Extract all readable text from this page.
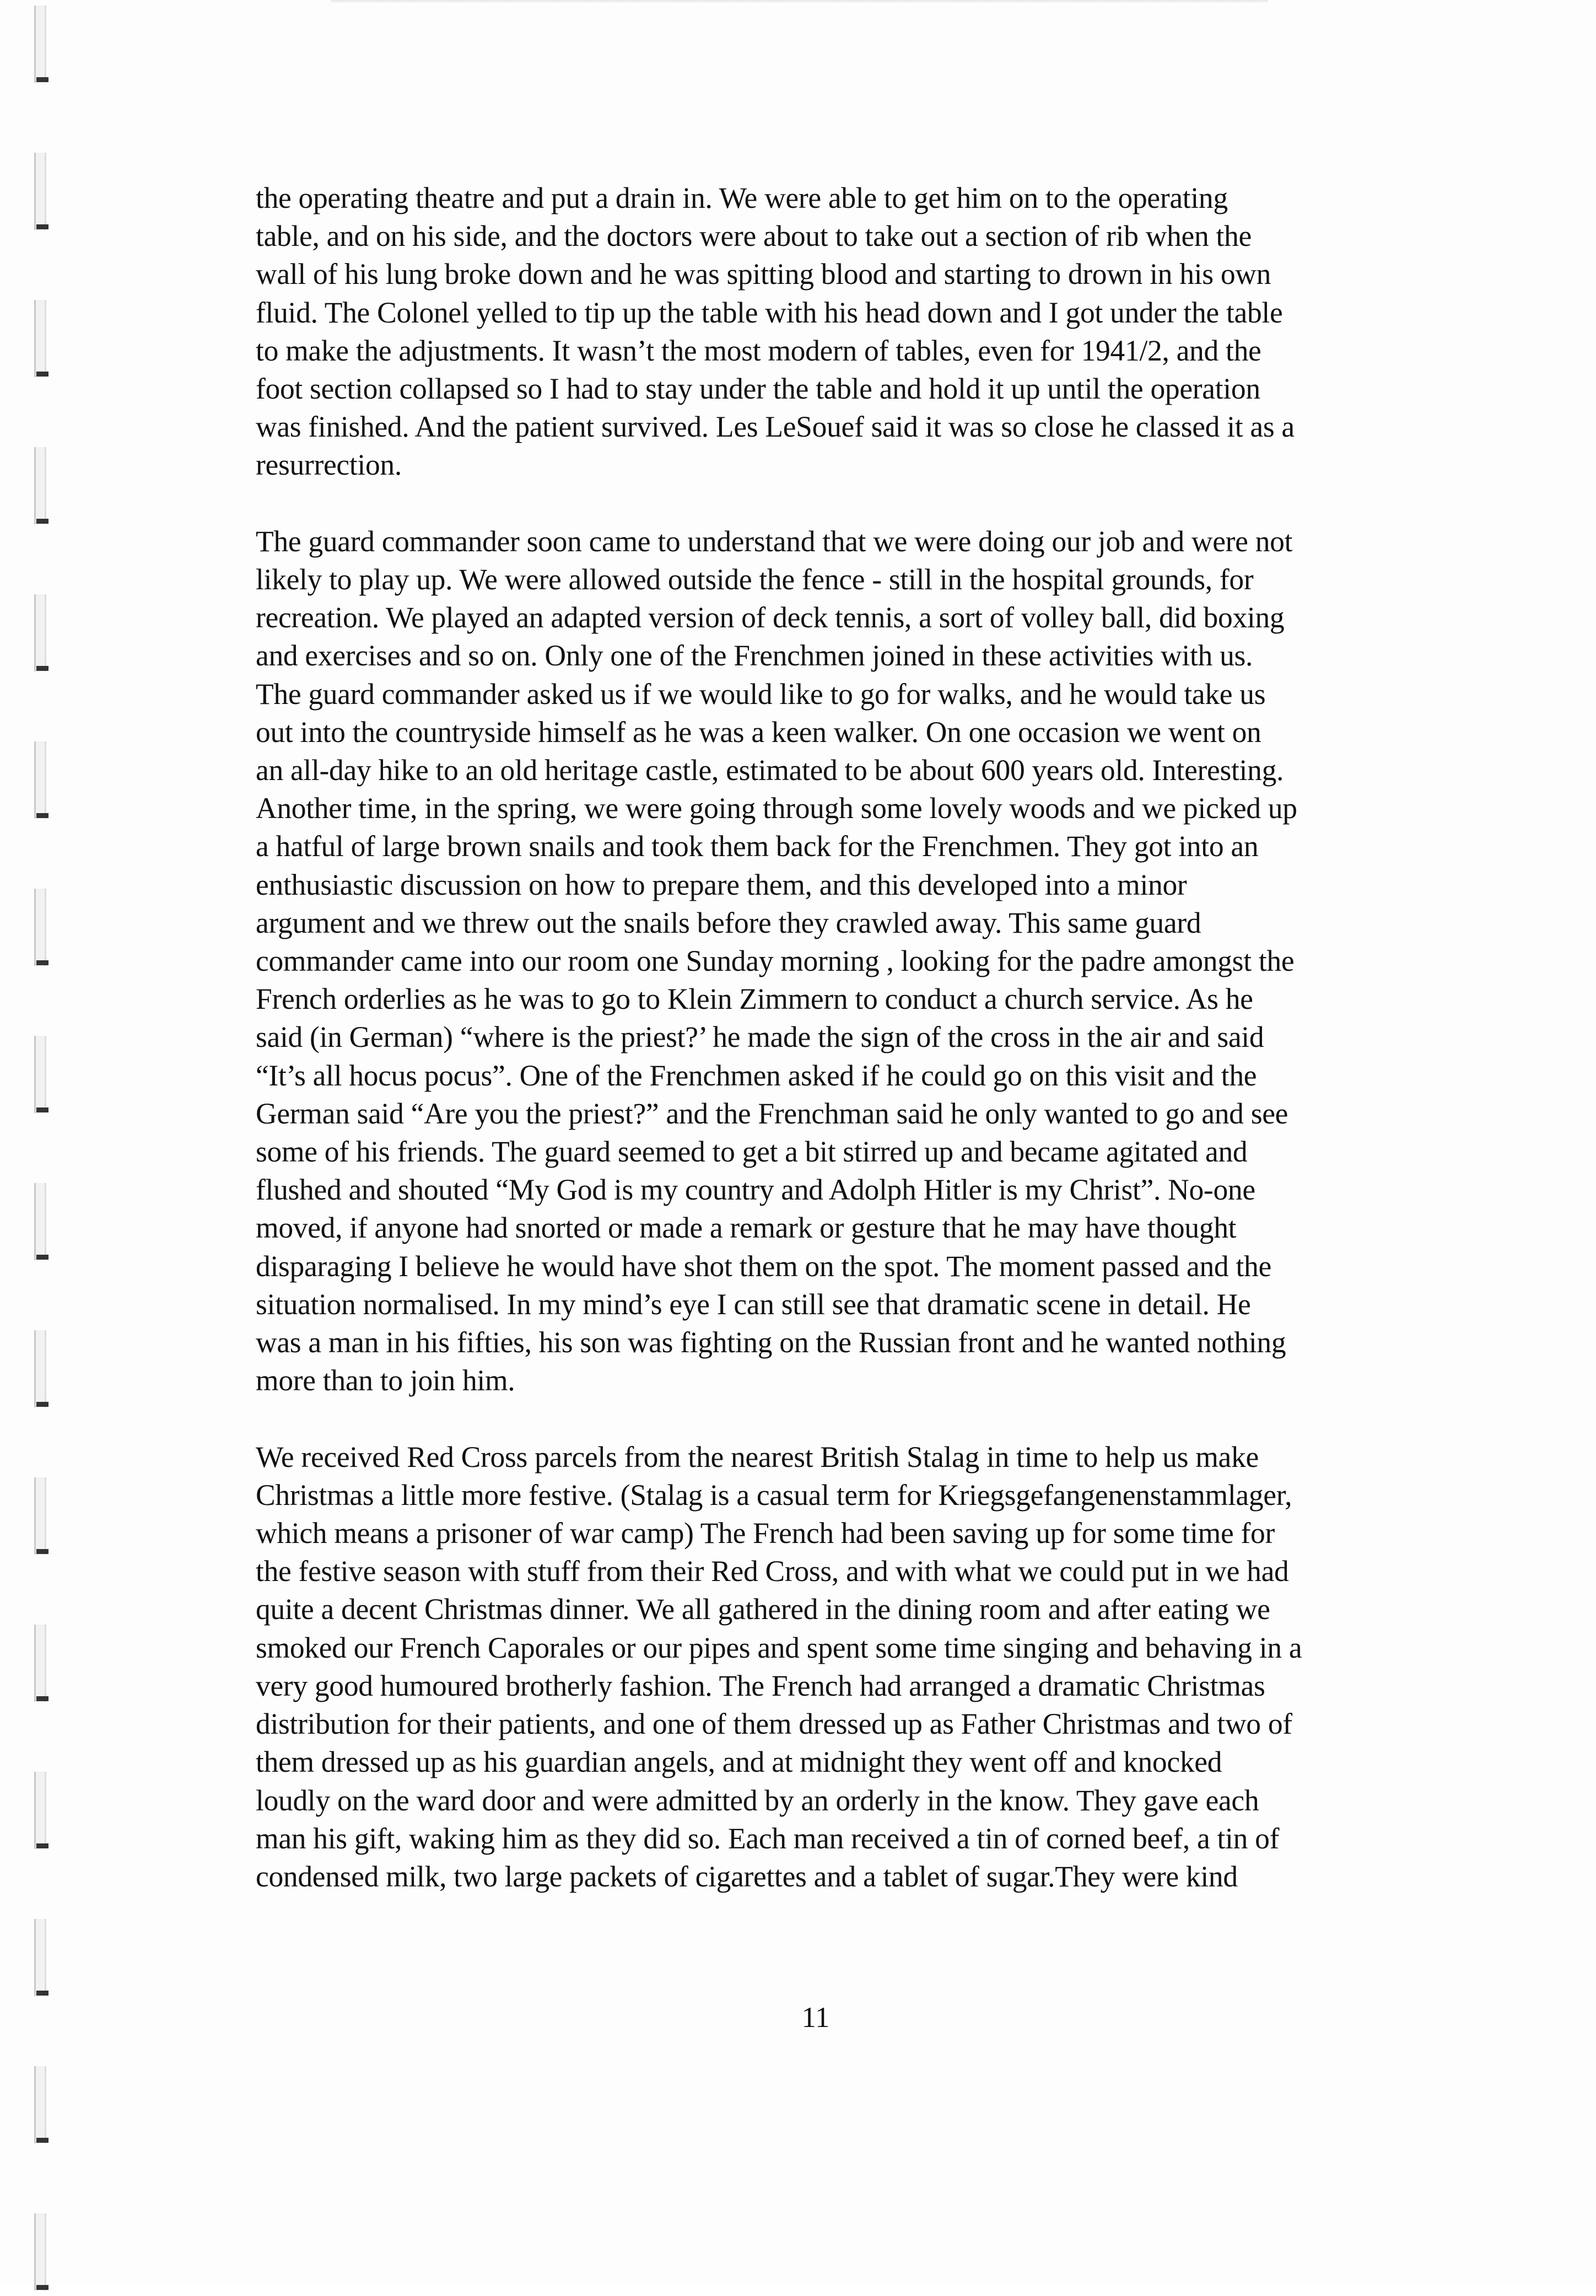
the operating theatre and put a drain in. We were able to get him on to the operating
table, and on his side, and the doctors were about to take out a section of rib when the
wall of his lung broke down and he was spitting blood and starting to drown in his own
fluid. The Colonel yelled to tip up the table with his head down and I got under the table
to make the adjustments. It wasn’t the most modern of tables, even for 1941/2, and the
foot section collapsed so I had to stay under the table and hold it up until the operation
was finished. And the patient survived. Les LeSouef said it was so close he classed it as a
resurrection.

The guard commander soon came to understand that we were doing our job and were not
likely to play up. We were allowed outside the fence - still in the hospital grounds, for
recreation. We played an adapted version of deck tennis, a sort of volley ball, did boxing
and exercises and so on. Only one of the Frenchmen joined in these activities with us.
The guard commander asked us if we would like to go for walks, and he would take us
out into the countryside himself as he was a keen walker. On one occasion we went on
an all-day hike to an old heritage castle, estimated to be about 600 years old. Interesting.
Another time, in the spring, we were going through some lovely woods and we picked up
a hatful of large brown snails and took them back for the Frenchmen. They got into an
enthusiastic discussion on how to prepare them, and this developed into a minor
argument and we threw out the snails before they crawled away. This same guard
commander came into our room one Sunday morning , looking for the padre amongst the
French orderlies as he was to go to Klein Zimmern to conduct a church service. As he
said (in German) “where is the priest?’ he made the sign of the cross in the air and said
“It’s all hocus pocus”. One of the Frenchmen asked if he could go on this visit and the
German said “Are you the priest?” and the Frenchman said he only wanted to go and see
some of his friends. The guard seemed to get a bit stirred up and became agitated and
flushed and shouted “My God is my country and Adolph Hitler is my Christ”. No-one
moved, if anyone had snorted or made a remark or gesture that he may have thought
disparaging I believe he would have shot them on the spot. The moment passed and the
situation normalised. In my mind’s eye I can still see that dramatic scene in detail. He
was a man in his fifties, his son was fighting on the Russian front and he wanted nothing
more than to join him.

We received Red Cross parcels from the nearest British Stalag in time to help us make
Christmas a little more festive. (Stalag is a casual term for Kriegsgefangenenstammlager,
which means a prisoner of war camp) The French had been saving up for some time for
the festive season with stuff from their Red Cross, and with what we could put in we had
quite a decent Christmas dinner. We all gathered in the dining room and after eating we
smoked our French Caporales or our pipes and spent some time singing and behaving in a
very good humoured brotherly fashion. The French had arranged a dramatic Christmas
distribution for their patients, and one of them dressed up as Father Christmas and two of
them dressed up as his guardian angels, and at midnight they went off and knocked
loudly on the ward door and were admitted by an orderly in the know. They gave each
man his gift, waking him as they did so. Each man received a tin of corned beef, a tin of
condensed milk, two large packets of cigarettes and a tablet of sugar.They were kind

11
